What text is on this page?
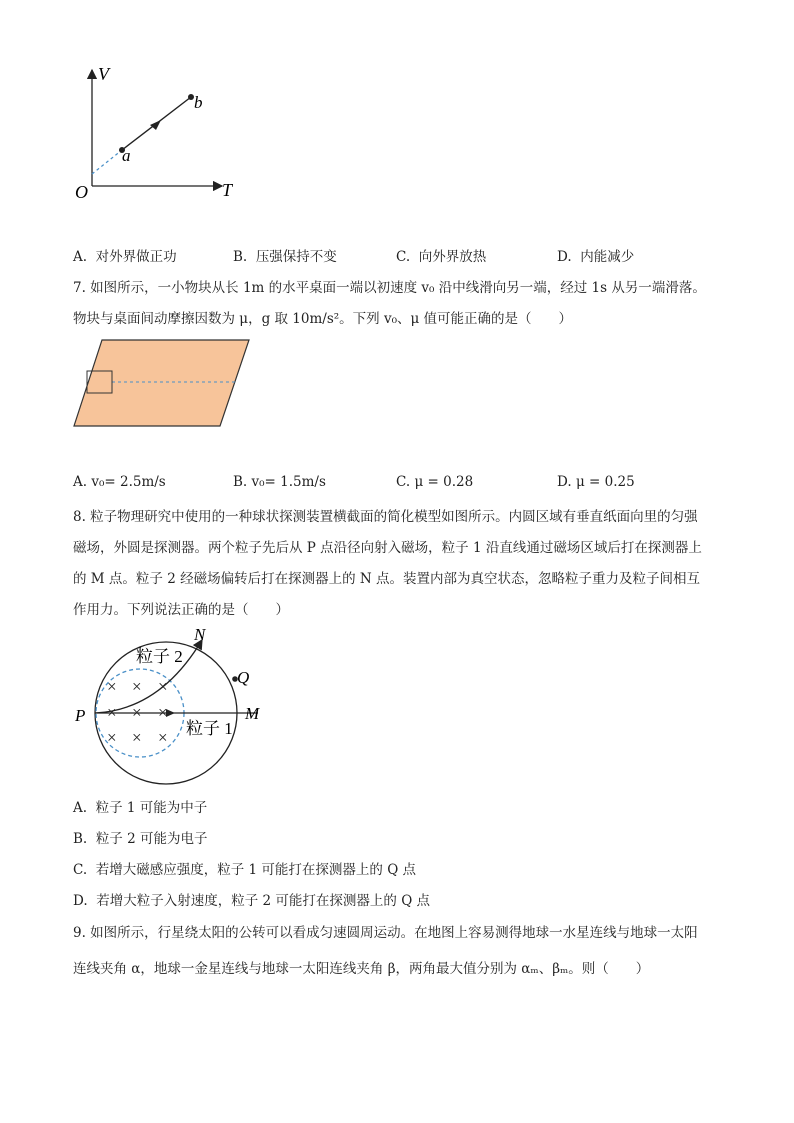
V
T
O
a
b
A. 对外界做正功	B. 压强保持不变	C. 向外界放热	D. 内能减少
7. 如图所示，一小物块从长 1m 的水平桌面一端以初速度 v₀ 沿中线滑向另一端，经过 1s 从另一端滑落。
物块与桌面间动摩擦因数为 μ，g 取 10m/s²。下列 v₀、μ 值可能正确的是（　　）
A. v₀= 2.5m/s	B. v₀= 1.5m/s	C. μ = 0.28	D. μ = 0.25
8. 粒子物理研究中使用的一种球状探测装置横截面的简化模型如图所示。内圆区域有垂直纸面向里的匀强
磁场，外圆是探测器。两个粒子先后从 P 点沿径向射入磁场，粒子 1 沿直线通过磁场区域后打在探测器上
的 M 点。粒子 2 经磁场偏转后打在探测器上的 N 点。装置内部为真空状态，忽略粒子重力及粒子间相互
作用力。下列说法正确的是（　　）
× × ×
× × ×
× × ×
N
Q
P	M
粒子 1
粒子 2
A. 粒子 1 可能为中子
B. 粒子 2 可能为电子
C. 若增大磁感应强度，粒子 1 可能打在探测器上的 Q 点
D. 若增大粒子入射速度，粒子 2 可能打在探测器上的 Q 点
9. 如图所示，行星绕太阳的公转可以看成匀速圆周运动。在地图上容易测得地球一水星连线与地球一太阳
连线夹角 α，地球一金星连线与地球一太阳连线夹角 β，两角最大值分别为 αₘ、βₘ。则（　　）
